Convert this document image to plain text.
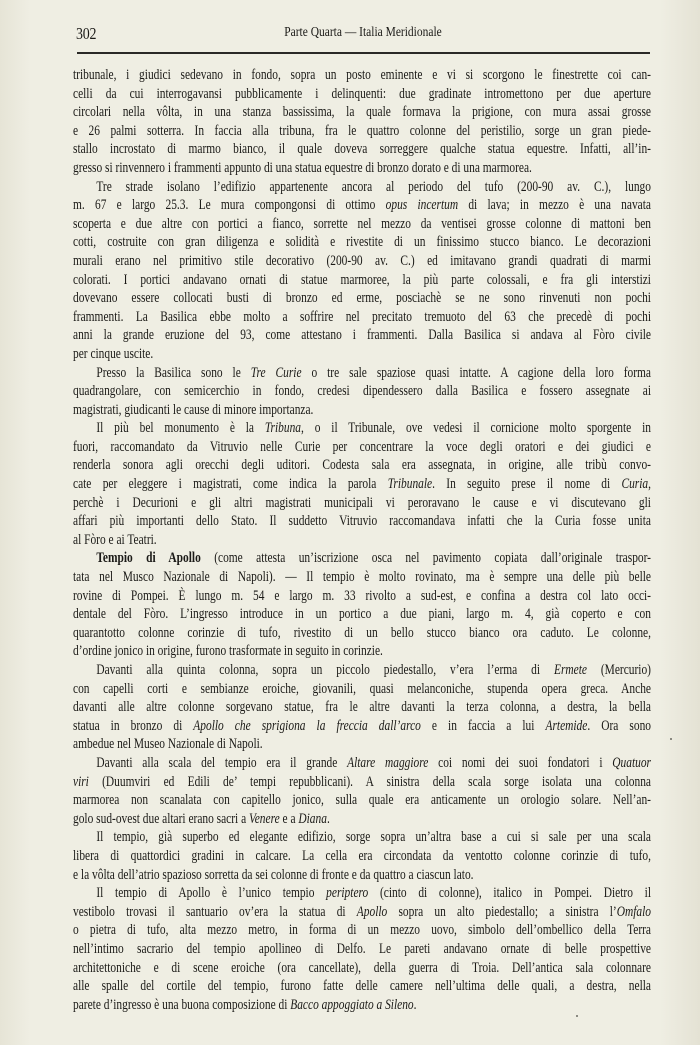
302	Parte Quarta — Italia Meridionale
tribunale, i giudici sedevano in fondo, sopra un posto eminente e vi si scorgono le finestrette coi can-
celli da cui interrogavansi pubblicamente i delinquenti: due gradinate intromettono per due aperture
circolari nella vôlta, in una stanza bassissima, la quale formava la prigione, con mura assai grosse
e 26 palmi sotterra. In faccia alla tribuna, fra le quattro colonne del peristilio, sorge un gran piede-
stallo incrostato di marmo bianco, il quale doveva sorreggere qualche statua equestre. Infatti, all’in-
gresso si rinvennero i frammenti appunto di una statua equestre di bronzo dorato e di una marmorea.
Tre strade isolano l’edifizio appartenente ancora al periodo del tufo (200-90 av. C.), lungo
m. 67 e largo 25.3. Le mura compongonsi di ottimo opus incertum di lava; in mezzo è una navata
scoperta e due altre con portici a fianco, sorrette nel mezzo da ventisei grosse colonne di mattoni ben
cotti, costruite con gran diligenza e solidità e rivestite di un finissimo stucco bianco. Le decorazioni
murali erano nel primitivo stile decorativo (200-90 av. C.) ed imitavano grandi quadrati di marmi
colorati. I portici andavano ornati di statue marmoree, la più parte colossali, e fra gli interstizi
dovevano essere collocati busti di bronzo ed erme, posciachè se ne sono rinvenuti non pochi
frammenti. La Basilica ebbe molto a soffrire nel precitato tremuoto del 63 che precedè di pochi
anni la grande eruzione del 93, come attestano i frammenti. Dalla Basilica si andava al Fòro civile
per cinque uscite.
Presso la Basilica sono le Tre Curie o tre sale spaziose quasi intatte. A cagione della loro forma
quadrangolare, con semicerchio in fondo, credesi dipendessero dalla Basilica e fossero assegnate ai
magistrati, giudicanti le cause di minore importanza.
Il più bel monumento è la Tribuna, o il Tribunale, ove vedesi il cornicione molto sporgente in
fuori, raccomandato da Vitruvio nelle Curie per concentrare la voce degli oratori e dei giudici e
renderla sonora agli orecchi degli uditori. Codesta sala era assegnata, in origine, alle tribù convo-
cate per eleggere i magistrati, come indica la parola Tribunale. In seguito prese il nome di Curia,
perchè i Decurioni e gli altri magistrati municipali vi peroravano le cause e vi discutevano gli
affari più importanti dello Stato. Il suddetto Vitruvio raccomandava infatti che la Curia fosse unita
al Fòro e ai Teatri.
Tempio di Apollo (come attesta un’iscrizione osca nel pavimento copiata dall’originale traspor-
tata nel Musco Nazionale di Napoli). — Il tempio è molto rovinato, ma è sempre una delle più belle
rovine di Pompei. È lungo m. 54 e largo m. 33 rivolto a sud-est, e confina a destra col lato occi-
dentale del Fòro. L’ingresso introduce in un portico a due piani, largo m. 4, già coperto e con
quarantotto colonne corinzie di tufo, rivestito di un bello stucco bianco ora caduto. Le colonne,
d’ordine jonico in origine, furono trasformate in seguito in corinzie.
Davanti alla quinta colonna, sopra un piccolo piedestallo, v’era l’erma di Ermete (Mercurio)
con capelli corti e sembianze eroiche, giovanili, quasi melanconiche, stupenda opera greca. Anche
davanti alle altre colonne sorgevano statue, fra le altre davanti la terza colonna, a destra, la bella
statua in bronzo di Apollo che sprigiona la freccia dall’arco e in faccia a lui Artemide. Ora sono
ambedue nel Museo Nazionale di Napoli.
Davanti alla scala del tempio era il grande Altare maggiore coi nomi dei suoi fondatori i Quatuor
viri (Duumviri ed Edili de’ tempi repubblicani). A sinistra della scala sorge isolata una colonna
marmorea non scanalata con capitello jonico, sulla quale era anticamente un orologio solare. Nell’an-
golo sud-ovest due altari erano sacri a Venere e a Diana.
Il tempio, già superbo ed elegante edifizio, sorge sopra un’altra base a cui si sale per una scala
libera di quattordici gradini in calcare. La cella era circondata da ventotto colonne corinzie di tufo,
e la vôlta dell’atrio spazioso sorretta da sei colonne di fronte e da quattro a ciascun lato.
Il tempio di Apollo è l’unico tempio periptero (cinto di colonne), italico in Pompei. Dietro il
vestibolo trovasi il santuario ov’era la statua di Apollo sopra un alto piedestallo; a sinistra l’Omfalo
o pietra di tufo, alta mezzo metro, in forma di un mezzo uovo, simbolo dell’ombellico della Terra
nell’intimo sacrario del tempio apollineo di Delfo. Le pareti andavano ornate di belle prospettive
architettoniche e di scene eroiche (ora cancellate), della guerra di Troia. Dell’antica sala colonnare
alle spalle del cortile del tempio, furono fatte delle camere nell’ultima delle quali, a destra, nella
parete d’ingresso è una buona composizione di Bacco appoggiato a Sileno.
